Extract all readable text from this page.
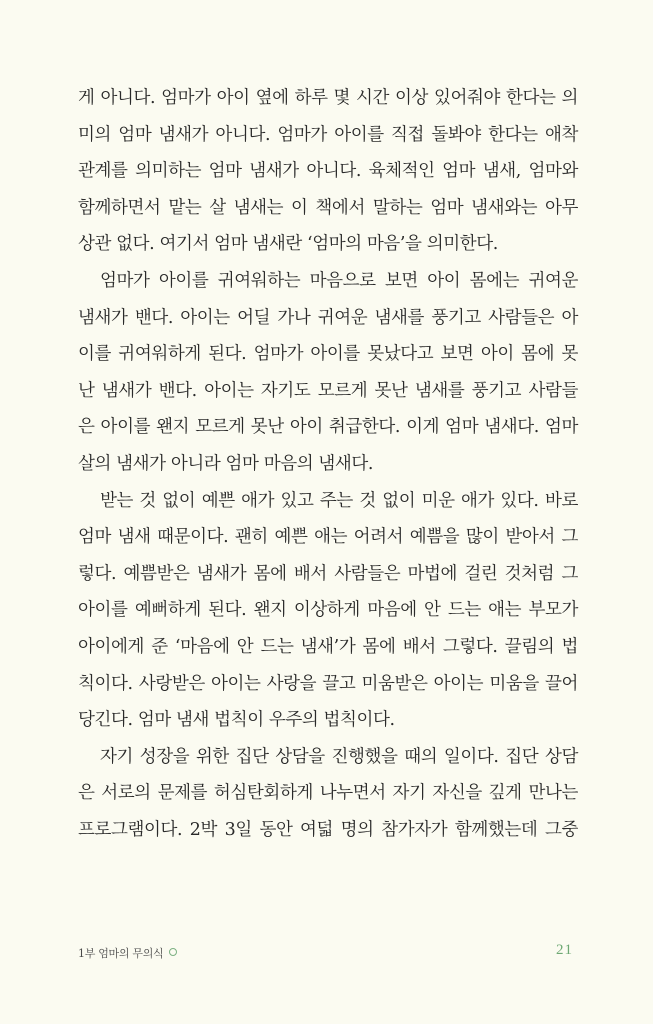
게 아니다. 엄마가 아이 옆에 하루 몇 시간 이상 있어줘야 한다는 의
미의 엄마 냄새가 아니다. 엄마가 아이를 직접 돌봐야 한다는 애착
관계를 의미하는 엄마 냄새가 아니다. 육체적인 엄마 냄새, 엄마와
함께하면서 맡는 살 냄새는 이 책에서 말하는 엄마 냄새와는 아무
상관 없다. 여기서 엄마 냄새란 ‘엄마의 마음’을 의미한다.
엄마가 아이를 귀여워하는 마음으로 보면 아이 몸에는 귀여운
냄새가 밴다. 아이는 어딜 가나 귀여운 냄새를 풍기고 사람들은 아
이를 귀여워하게 된다. 엄마가 아이를 못났다고 보면 아이 몸에 못
난 냄새가 밴다. 아이는 자기도 모르게 못난 냄새를 풍기고 사람들
은 아이를 왠지 모르게 못난 아이 취급한다. 이게 엄마 냄새다. 엄마
살의 냄새가 아니라 엄마 마음의 냄새다.
받는 것 없이 예쁜 애가 있고 주는 것 없이 미운 애가 있다. 바로
엄마 냄새 때문이다. 괜히 예쁜 애는 어려서 예쁨을 많이 받아서 그
렇다. 예쁨받은 냄새가 몸에 배서 사람들은 마법에 걸린 것처럼 그
아이를 예뻐하게 된다. 왠지 이상하게 마음에 안 드는 애는 부모가
아이에게 준 ‘마음에 안 드는 냄새’가 몸에 배서 그렇다. 끌림의 법
칙이다. 사랑받은 아이는 사랑을 끌고 미움받은 아이는 미움을 끌어
당긴다. 엄마 냄새 법칙이 우주의 법칙이다.
자기 성장을 위한 집단 상담을 진행했을 때의 일이다. 집단 상담
은 서로의 문제를 허심탄회하게 나누면서 자기 자신을 깊게 만나는
프로그램이다. 2박 3일 동안 여덟 명의 참가자가 함께했는데 그중
1부 엄마의 무의식	21
